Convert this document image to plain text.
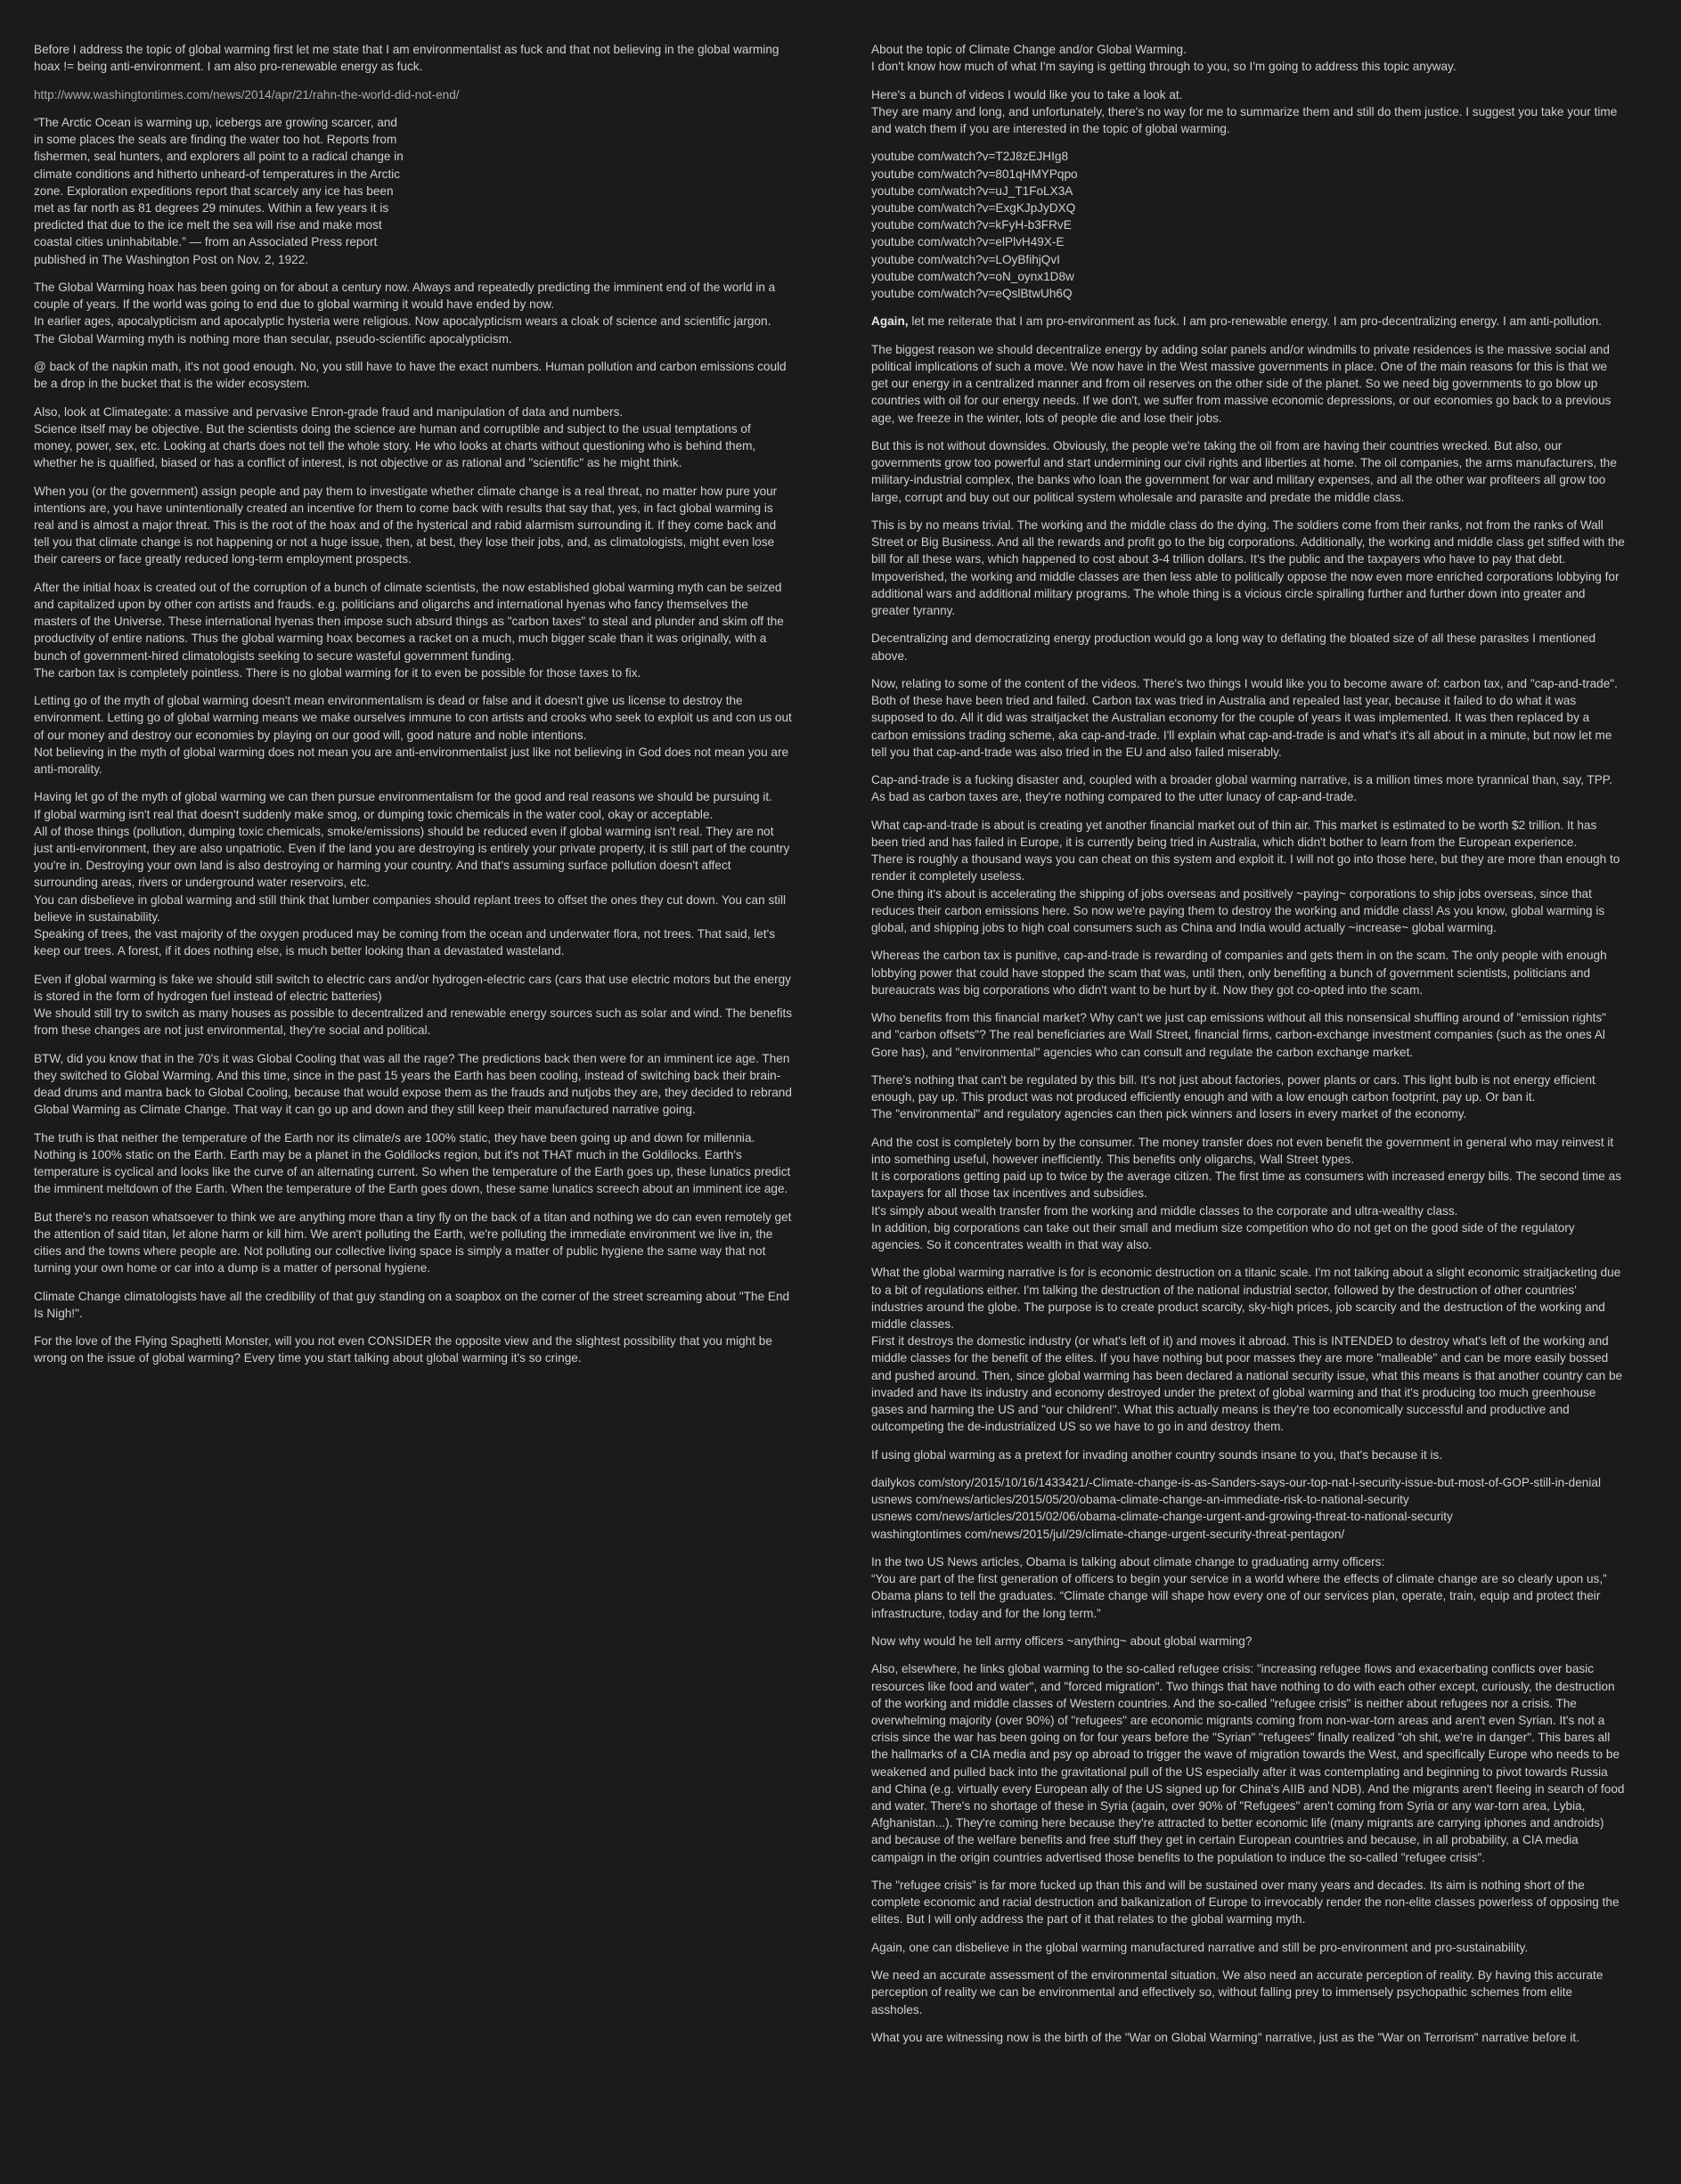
Before I address the topic of global warming first let me state that I am environmentalist as fuck and that not believing in the global warming hoax != being anti-environment. I am also pro-renewable energy as fuck.

http://www.washingtontimes.com/news/2014/apr/21/rahn-the-world-did-not-end/

“The Arctic Ocean is warming up, icebergs are growing scarcer, and in some places the seals are finding the water too hot. Reports from fishermen, seal hunters, and explorers all point to a radical change in climate conditions and hitherto unheard-of temperatures in the Arctic zone. Exploration expeditions report that scarcely any ice has been met as far north as 81 degrees 29 minutes. Within a few years it is predicted that due to the ice melt the sea will rise and make most coastal cities uninhabitable.” — from an Associated Press report published in The Washington Post on Nov. 2, 1922.

The Global Warming hoax has been going on for about a century now. Always and repeatedly predicting the imminent end of the world in a couple of years. If the world was going to end due to global warming it would have ended by now.
In earlier ages, apocalypticism and apocalyptic hysteria were religious. Now apocalypticism wears a cloak of science and scientific jargon. The Global Warming myth is nothing more than secular, pseudo-scientific apocalypticism.

@ back of the napkin math, it's not good enough. No, you still have to have the exact numbers. Human pollution and carbon emissions could be a drop in the bucket that is the wider ecosystem.

Also, look at Climategate: a massive and pervasive Enron-grade fraud and manipulation of data and numbers.
Science itself may be objective. But the scientists doing the science are human and corruptible and subject to the usual temptations of money, power, sex, etc. Looking at charts does not tell the whole story. He who looks at charts without questioning who is behind them, whether he is qualified, biased or has a conflict of interest, is not objective or as rational and "scientific" as he might think.

When you (or the government) assign people and pay them to investigate whether climate change is a real threat, no matter how pure your intentions are, you have unintentionally created an incentive for them to come back with results that say that, yes, in fact global warming is real and is almost a major threat. This is the root of the hoax and of the hysterical and rabid alarmism surrounding it. If they come back and tell you that climate change is not happening or not a huge issue, then, at best, they lose their jobs, and, as climatologists, might even lose their careers or face greatly reduced long-term employment prospects.

After the initial hoax is created out of the corruption of a bunch of climate scientists, the now established global warming myth can be seized and capitalized upon by other con artists and frauds. e.g. politicians and oligarchs and international hyenas who fancy themselves the masters of the Universe. These international hyenas then impose such absurd things as "carbon taxes" to steal and plunder and skim off the productivity of entire nations. Thus the global warming hoax becomes a racket on a much, much bigger scale than it was originally, with a bunch of government-hired climatologists seeking to secure wasteful government funding.
The carbon tax is completely pointless. There is no global warming for it to even be possible for those taxes to fix.

Letting go of the myth of global warming doesn't mean environmentalism is dead or false and it doesn't give us license to destroy the environment. Letting go of global warming means we make ourselves immune to con artists and crooks who seek to exploit us and con us out of our money and destroy our economies by playing on our good will, good nature and noble intentions.
Not believing in the myth of global warming does not mean you are anti-environmentalist just like not believing in God does not mean you are anti-morality.

Having let go of the myth of global warming we can then pursue environmentalism for the good and real reasons we should be pursuing it.
If global warming isn't real that doesn't suddenly make smog, or dumping toxic chemicals in the water cool, okay or acceptable.
All of those things (pollution, dumping toxic chemicals, smoke/emissions) should be reduced even if global warming isn't real. They are not just anti-environment, they are also unpatriotic. Even if the land you are destroying is entirely your private property, it is still part of the country you're in. Destroying your own land is also destroying or harming your country. And that's assuming surface pollution doesn't affect surrounding areas, rivers or underground water reservoirs, etc.
You can disbelieve in global warming and still think that lumber companies should replant trees to offset the ones they cut down. You can still believe in sustainability.
Speaking of trees, the vast majority of the oxygen produced may be coming from the ocean and underwater flora, not trees. That said, let's keep our trees. A forest, if it does nothing else, is much better looking than a devastated wasteland.

Even if global warming is fake we should still switch to electric cars and/or hydrogen-electric cars (cars that use electric motors but the energy is stored in the form of hydrogen fuel instead of electric batteries)
We should still try to switch as many houses as possible to decentralized and renewable energy sources such as solar and wind. The benefits from these changes are not just environmental, they're social and political.

BTW, did you know that in the 70's it was Global Cooling that was all the rage? The predictions back then were for an imminent ice age. Then they switched to Global Warming. And this time, since in the past 15 years the Earth has been cooling, instead of switching back their brain-dead drums and mantra back to Global Cooling, because that would expose them as the frauds and nutjobs they are, they decided to rebrand Global Warming as Climate Change. That way it can go up and down and they still keep their manufactured narrative going.

The truth is that neither the temperature of the Earth nor its climate/s are 100% static, they have been going up and down for millennia. Nothing is 100% static on the Earth. Earth may be a planet in the Goldilocks region, but it's not THAT much in the Goldilocks. Earth's temperature is cyclical and looks like the curve of an alternating current. So when the temperature of the Earth goes up, these lunatics predict the imminent meltdown of the Earth. When the temperature of the Earth goes down, these same lunatics screech about an imminent ice age.

But there's no reason whatsoever to think we are anything more than a tiny fly on the back of a titan and nothing we do can even remotely get the attention of said titan, let alone harm or kill him. We aren't polluting the Earth, we're polluting the immediate environment we live in, the cities and the towns where people are. Not polluting our collective living space is simply a matter of public hygiene the same way that not turning your own home or car into a dump is a matter of personal hygiene.

Climate Change climatologists have all the credibility of that guy standing on a soapbox on the corner of the street screaming about "The End Is Nigh!".

For the love of the Flying Spaghetti Monster, will you not even CONSIDER the opposite view and the slightest possibility that you might be wrong on the issue of global warming? Every time you start talking about global warming it's so cringe.

About the topic of Climate Change and/or Global Warming.
I don't know how much of what I'm saying is getting through to you, so I'm going to address this topic anyway.

Here's a bunch of videos I would like you to take a look at.
They are many and long, and unfortunately, there's no way for me to summarize them and still do them justice. I suggest you take your time and watch them if you are interested in the topic of global warming.

youtube com/watch?v=T2J8zEJHIg8
youtube com/watch?v=801qHMYPqpo
youtube com/watch?v=uJ_T1FoLX3A
youtube com/watch?v=ExgKJpJyDXQ
youtube com/watch?v=kFyH-b3FRvE
youtube com/watch?v=elPlvH49X-E
youtube com/watch?v=LOyBfihjQvI
youtube com/watch?v=oN_oynx1D8w
youtube com/watch?v=eQslBtwUh6Q

Again, let me reiterate that I am pro-environment as fuck. I am pro-renewable energy. I am pro-decentralizing energy. I am anti-pollution.

The biggest reason we should decentralize energy by adding solar panels and/or windmills to private residences is the massive social and political implications of such a move. We now have in the West massive governments in place. One of the main reasons for this is that we get our energy in a centralized manner and from oil reserves on the other side of the planet. So we need big governments to go blow up countries with oil for our energy needs. If we don't, we suffer from massive economic depressions, or our economies go back to a previous age, we freeze in the winter, lots of people die and lose their jobs.

But this is not without downsides. Obviously, the people we're taking the oil from are having their countries wrecked. But also, our governments grow too powerful and start undermining our civil rights and liberties at home. The oil companies, the arms manufacturers, the military-industrial complex, the banks who loan the government for war and military expenses, and all the other war profiteers all grow too large, corrupt and buy out our political system wholesale and parasite and predate the middle class.

This is by no means trivial. The working and the middle class do the dying. The soldiers come from their ranks, not from the ranks of Wall Street or Big Business. And all the rewards and profit go to the big corporations. Additionally, the working and middle class get stiffed with the bill for all these wars, which happened to cost about 3-4 trillion dollars. It's the public and the taxpayers who have to pay that debt. Impoverished, the working and middle classes are then less able to politically oppose the now even more enriched corporations lobbying for additional wars and additional military programs. The whole thing is a vicious circle spiralling further and further down into greater and greater tyranny.

Decentralizing and democratizing energy production would go a long way to deflating the bloated size of all these parasites I mentioned above.

Now, relating to some of the content of the videos. There's two things I would like you to become aware of: carbon tax, and "cap-and-trade". Both of these have been tried and failed. Carbon tax was tried in Australia and repealed last year, because it failed to do what it was supposed to do. All it did was straitjacket the Australian economy for the couple of years it was implemented. It was then replaced by a carbon emissions trading scheme, aka cap-and-trade. I'll explain what cap-and-trade is and what's it's all about in a minute, but now let me tell you that cap-and-trade was also tried in the EU and also failed miserably.

Cap-and-trade is a fucking disaster and, coupled with a broader global warming narrative, is a million times more tyrannical than, say, TPP. As bad as carbon taxes are, they're nothing compared to the utter lunacy of cap-and-trade.

What cap-and-trade is about is creating yet another financial market out of thin air. This market is estimated to be worth $2 trillion. It has been tried and has failed in Europe, it is currently being tried in Australia, which didn't bother to learn from the European experience.
There is roughly a thousand ways you can cheat on this system and exploit it. I will not go into those here, but they are more than enough to render it completely useless.
One thing it's about is accelerating the shipping of jobs overseas and positively ~paying~ corporations to ship jobs overseas, since that reduces their carbon emissions here. So now we're paying them to destroy the working and middle class! As you know, global warming is global, and shipping jobs to high coal consumers such as China and India would actually ~increase~ global warming.

Whereas the carbon tax is punitive, cap-and-trade is rewarding of companies and gets them in on the scam. The only people with enough lobbying power that could have stopped the scam that was, until then, only benefiting a bunch of government scientists, politicians and bureaucrats was big corporations who didn't want to be hurt by it. Now they got co-opted into the scam.

Who benefits from this financial market? Why can't we just cap emissions without all this nonsensical shuffling around of "emission rights" and "carbon offsets"? The real beneficiaries are Wall Street, financial firms, carbon-exchange investment companies (such as the ones Al Gore has), and "environmental" agencies who can consult and regulate the carbon exchange market.

There's nothing that can't be regulated by this bill. It's not just about factories, power plants or cars. This light bulb is not energy efficient enough, pay up. This product was not produced efficiently enough and with a low enough carbon footprint, pay up. Or ban it.
The "environmental" and regulatory agencies can then pick winners and losers in every market of the economy.

And the cost is completely born by the consumer. The money transfer does not even benefit the government in general who may reinvest it into something useful, however inefficiently. This benefits only oligarchs, Wall Street types.
It is corporations getting paid up to twice by the average citizen. The first time as consumers with increased energy bills. The second time as taxpayers for all those tax incentives and subsidies.
It's simply about wealth transfer from the working and middle classes to the corporate and ultra-wealthy class.
In addition, big corporations can take out their small and medium size competition who do not get on the good side of the regulatory agencies. So it concentrates wealth in that way also.

What the global warming narrative is for is economic destruction on a titanic scale. I'm not talking about a slight economic straitjacketing due to a bit of regulations either. I'm talking the destruction of the national industrial sector, followed by the destruction of other countries' industries around the globe. The purpose is to create product scarcity, sky-high prices, job scarcity and the destruction of the working and middle classes.
First it destroys the domestic industry (or what's left of it) and moves it abroad. This is INTENDED to destroy what's left of the working and middle classes for the benefit of the elites. If you have nothing but poor masses they are more "malleable" and can be more easily bossed and pushed around. Then, since global warming has been declared a national security issue, what this means is that another country can be invaded and have its industry and economy destroyed under the pretext of global warming and that it's producing too much greenhouse gases and harming the US and "our children!". What this actually means is they're too economically successful and productive and outcompeting the de-industrialized US so we have to go in and destroy them.

If using global warming as a pretext for invading another country sounds insane to you, that's because it is.

dailykos com/story/2015/10/16/1433421/-Climate-change-is-as-Sanders-says-our-top-nat-l-security-issue-but-most-of-GOP-still-in-denial
usnews com/news/articles/2015/05/20/obama-climate-change-an-immediate-risk-to-national-security
usnews com/news/articles/2015/02/06/obama-climate-change-urgent-and-growing-threat-to-national-security
washingtontimes com/news/2015/jul/29/climate-change-urgent-security-threat-pentagon/

In the two US News articles, Obama is talking about climate change to graduating army officers:
“You are part of the first generation of officers to begin your service in a world where the effects of climate change are so clearly upon us,” Obama plans to tell the graduates. “Climate change will shape how every one of our services plan, operate, train, equip and protect their infrastructure, today and for the long term.”

Now why would he tell army officers ~anything~ about global warming?

Also, elsewhere, he links global warming to the so-called refugee crisis: "increasing refugee flows and exacerbating conflicts over basic resources like food and water", and "forced migration". Two things that have nothing to do with each other except, curiously, the destruction of the working and middle classes of Western countries. And the so-called "refugee crisis" is neither about refugees nor a crisis. The overwhelming majority (over 90%) of "refugees" are economic migrants coming from non-war-torn areas and aren't even Syrian. It's not a crisis since the war has been going on for four years before the "Syrian" "refugees" finally realized "oh shit, we're in danger". This bares all the hallmarks of a CIA media and psy op abroad to trigger the wave of migration towards the West, and specifically Europe who needs to be weakened and pulled back into the gravitational pull of the US especially after it was contemplating and beginning to pivot towards Russia and China (e.g. virtually every European ally of the US signed up for China's AIIB and NDB). And the migrants aren't fleeing in search of food and water. There's no shortage of these in Syria (again, over 90% of "Refugees" aren't coming from Syria or any war-torn area, Lybia, Afghanistan...). They're coming here because they're attracted to better economic life (many migrants are carrying iphones and androids) and because of the welfare benefits and free stuff they get in certain European countries and because, in all probability, a CIA media campaign in the origin countries advertised those benefits to the population to induce the so-called "refugee crisis".

The "refugee crisis" is far more fucked up than this and will be sustained over many years and decades. Its aim is nothing short of the complete economic and racial destruction and balkanization of Europe to irrevocably render the non-elite classes powerless of opposing the elites. But I will only address the part of it that relates to the global warming myth.

Again, one can disbelieve in the global warming manufactured narrative and still be pro-environment and pro-sustainability.

We need an accurate assessment of the environmental situation. We also need an accurate perception of reality. By having this accurate perception of reality we can be environmental and effectively so, without falling prey to immensely psychopathic schemes from elite assholes.

What you are witnessing now is the birth of the "War on Global Warming" narrative, just as the "War on Terrorism" narrative before it.
